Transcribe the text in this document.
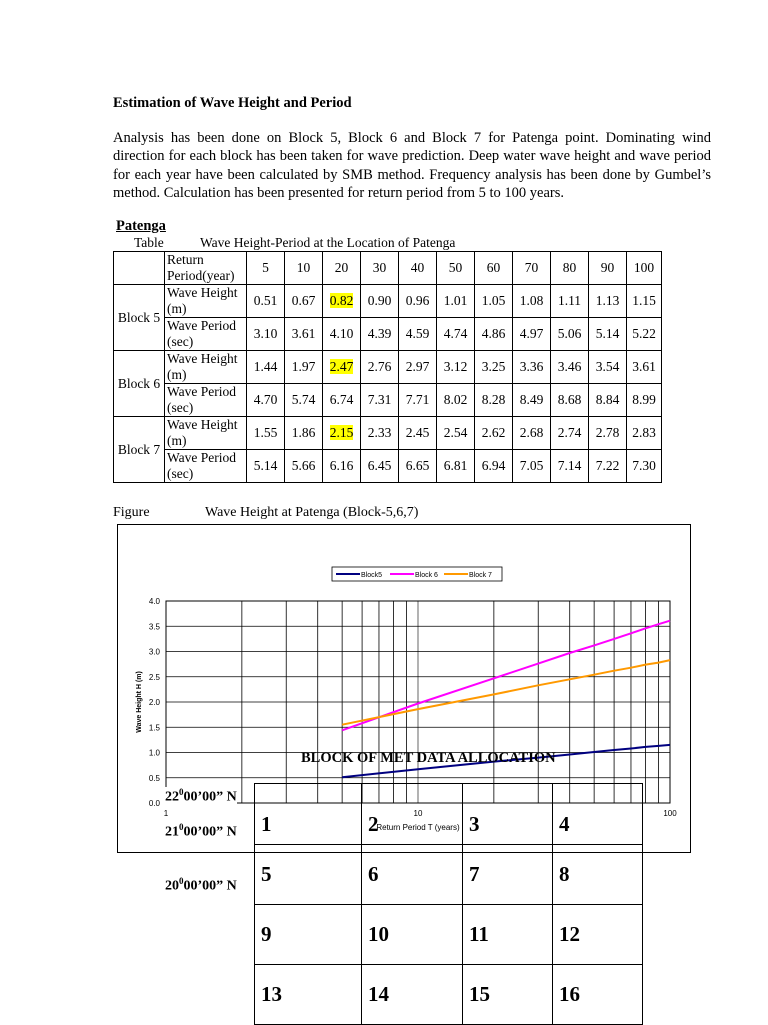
Estimation of Wave Height and Period
Analysis has been done on Block 5, Block 6 and Block 7 for Patenga point. Dominating wind direction for each block has been taken for wave prediction. Deep water wave height and wave period for each year have been calculated by SMB method. Frequency analysis has been done by Gumbel’s method. Calculation has been presented for return period from 5 to 100 years.
Patenga
Table	Wave Height-Period at the Location of Patenga
	Return Period(year)	5	10	20	30	40	50	60	70	80	90	100
Block 5	Wave Height (m)	0.51	0.67	0.82	0.90	0.96	1.01	1.05	1.08	1.11	1.13	1.15
	Wave Period (sec)	3.10	3.61	4.10	4.39	4.59	4.74	4.86	4.97	5.06	5.14	5.22
Block 6	Wave Height (m)	1.44	1.97	2.47	2.76	2.97	3.12	3.25	3.36	3.46	3.54	3.61
	Wave Period (sec)	4.70	5.74	6.74	7.31	7.71	8.02	8.28	8.49	8.68	8.84	8.99
Block 7	Wave Height (m)	1.55	1.86	2.15	2.33	2.45	2.54	2.62	2.68	2.74	2.78	2.83
	Wave Period (sec)	5.14	5.66	6.16	6.45	6.65	6.81	6.94	7.05	7.14	7.22	7.30
Figure	Wave Height at Patenga (Block-5,6,7)
0.0
0.5
1.0
1.5
2.0
2.5
3.0
3.5
4.0
1	10	100
Return Period T (years)
Wave Height H (m)
Block5	Block 6	Block 7
BLOCK OF MET DATA ALLOCATION
$22^000’00$” N
$21^000’00$” N
$20^000’00$” N

1	2	3	4
5	6	7	8
9	10	11	12
13	14	15	16
